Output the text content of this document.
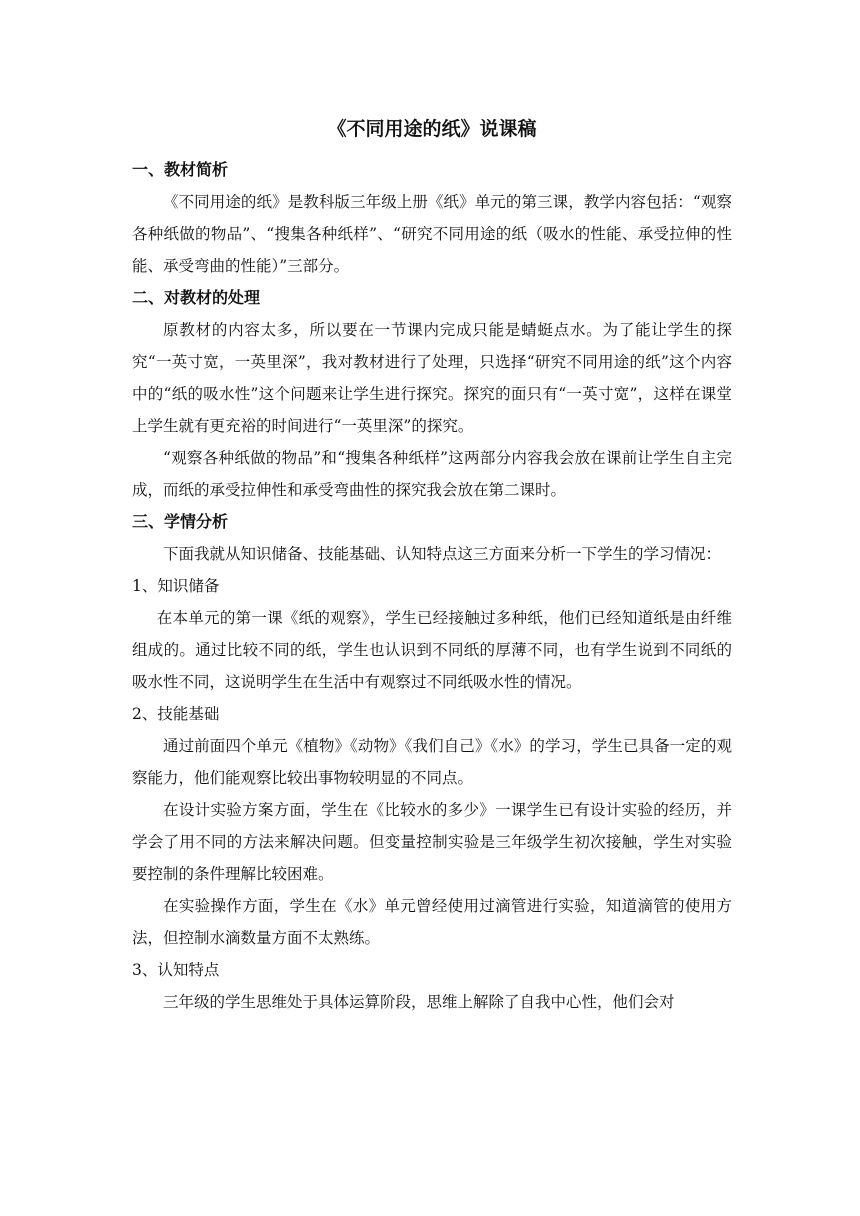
《不同用途的纸》说课稿
一、教材简析

《不同用途的纸》是教科版三年级上册《纸》单元的第三课，教学内容包括：“观察各种纸做的物品”、“搜集各种纸样”、“研究不同用途的纸（吸水的性能、承受拉伸的性能、承受弯曲的性能）”三部分。

二、对教材的处理

原教材的内容太多，所以要在一节课内完成只能是蜻蜓点水。为了能让学生的探究“一英寸宽，一英里深”，我对教材进行了处理，只选择“研究不同用途的纸”这个内容中的“纸的吸水性”这个问题来让学生进行探究。探究的面只有“一英寸宽”，这样在课堂上学生就有更充裕的时间进行“一英里深”的探究。

“观察各种纸做的物品”和“搜集各种纸样”这两部分内容我会放在课前让学生自主完成，而纸的承受拉伸性和承受弯曲性的探究我会放在第二课时。

三、学情分析

下面我就从知识储备、技能基础、认知特点这三方面来分析一下学生的学习情况：

1、知识储备

在本单元的第一课《纸的观察》，学生已经接触过多种纸，他们已经知道纸是由纤维组成的。通过比较不同的纸，学生也认识到不同纸的厚薄不同，也有学生说到不同纸的吸水性不同，这说明学生在生活中有观察过不同纸吸水性的情况。

2、技能基础

通过前面四个单元《植物》《动物》《我们自己》《水》的学习，学生已具备一定的观察能力，他们能观察比较出事物较明显的不同点。

在设计实验方案方面，学生在《比较水的多少》一课学生已有设计实验的经历，并学会了用不同的方法来解决问题。但变量控制实验是三年级学生初次接触，学生对实验要控制的条件理解比较困难。

在实验操作方面，学生在《水》单元曾经使用过滴管进行实验，知道滴管的使用方法，但控制水滴数量方面不太熟练。

3、认知特点

三年级的学生思维处于具体运算阶段，思维上解除了自我中心性，他们会对
